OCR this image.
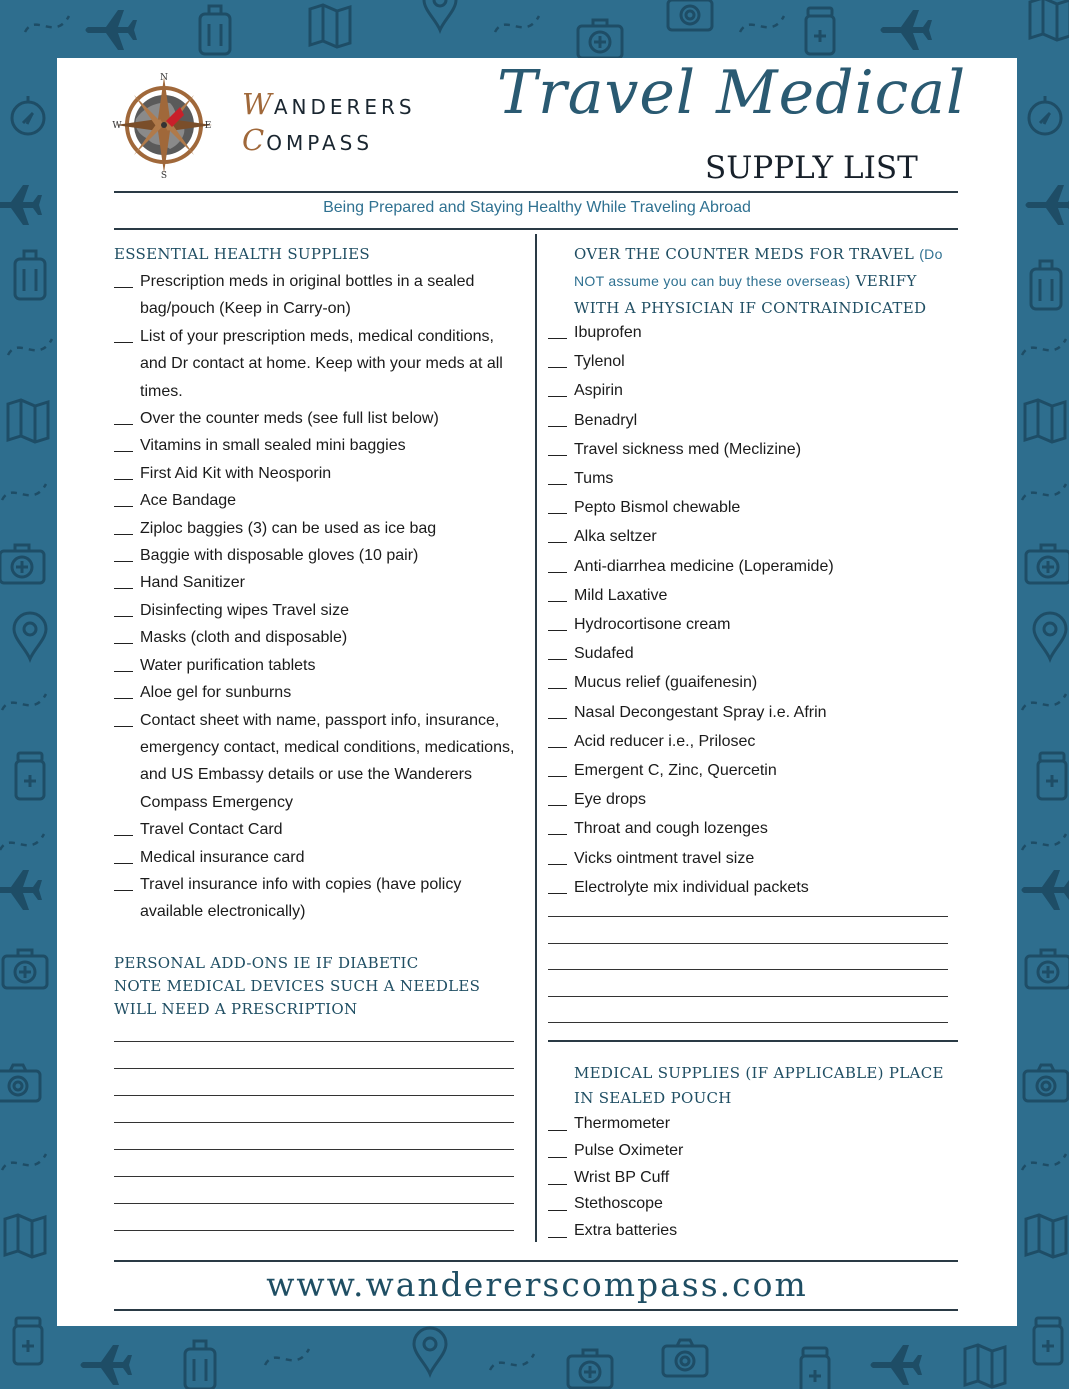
N
S
W	E
W ANDERERS
C OMPASS
Travel Medical
SUPPLY LIST
Being Prepared and Staying Healthy While Traveling Abroad
ESSENTIAL HEALTH SUPPLIES
Prescription meds in original bottles in a sealed bag/pouch (Keep in Carry-on)
List of your prescription meds, medical conditions, and Dr contact at home. Keep with your meds at all times.
Over the counter meds (see full list below)
Vitamins in small sealed mini baggies
First Aid Kit with Neosporin
Ace Bandage
Ziploc baggies (3) can be used as ice bag
Baggie with disposable gloves (10 pair)
Hand Sanitizer
Disinfecting wipes Travel size
Masks (cloth and disposable)
Water purification tablets
Aloe gel for sunburns
Contact sheet with name, passport info, insurance, emergency contact, medical conditions, medications, and US Embassy details or use the Wanderers Compass Emergency
Travel Contact Card
Medical insurance card
Travel insurance info with copies (have policy available electronically)
PERSONAL ADD-ONS IE IF DIABETIC
NOTE MEDICAL DEVICES SUCH A NEEDLES WILL NEED A PRESCRIPTION
OVER THE COUNTER MEDS FOR TRAVEL (Do NOT assume you can buy these overseas) VERIFY WITH A PHYSICIAN IF CONTRAINDICATED
Ibuprofen
Tylenol
Aspirin
Benadryl
Travel sickness med (Meclizine)
Tums
Pepto Bismol chewable
Alka seltzer
Anti-diarrhea medicine (Loperamide)
Mild Laxative
Hydrocortisone cream
Sudafed
Mucus relief (guaifenesin)
Nasal Decongestant Spray i.e. Afrin
Acid reducer i.e., Prilosec
Emergent C, Zinc, Quercetin
Eye drops
Throat and cough lozenges
Vicks ointment travel size
Electrolyte mix individual packets
MEDICAL SUPPLIES (IF APPLICABLE) PLACE IN SEALED POUCH
Thermometer
Pulse Oximeter
Wrist BP Cuff
Stethoscope
Extra batteries
www.wandererscompass.com
